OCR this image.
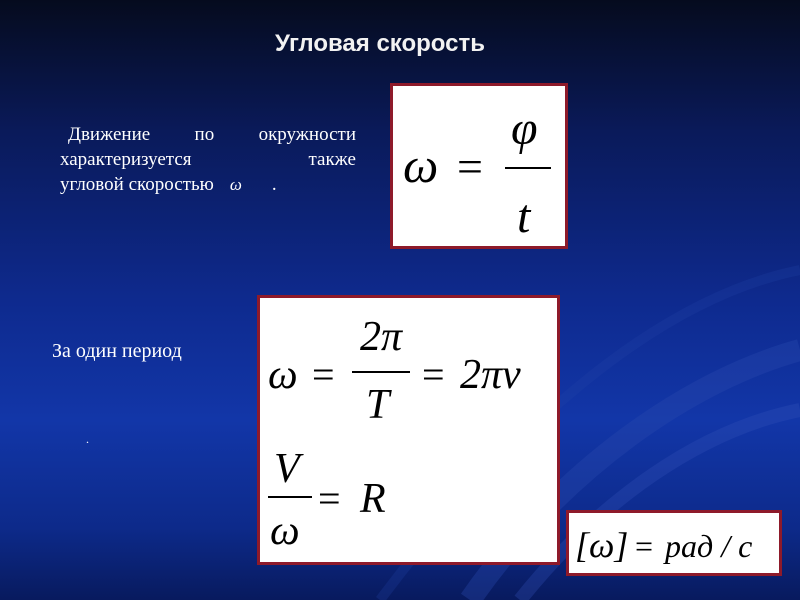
Угловая скорость
Движение по окружности
характеризуется	также
угловой скоростью ω .
За один период
.
ω =
φ
t
ω =
2π
T
= 2πν
V
ω
= R
[ω] = рад / c
